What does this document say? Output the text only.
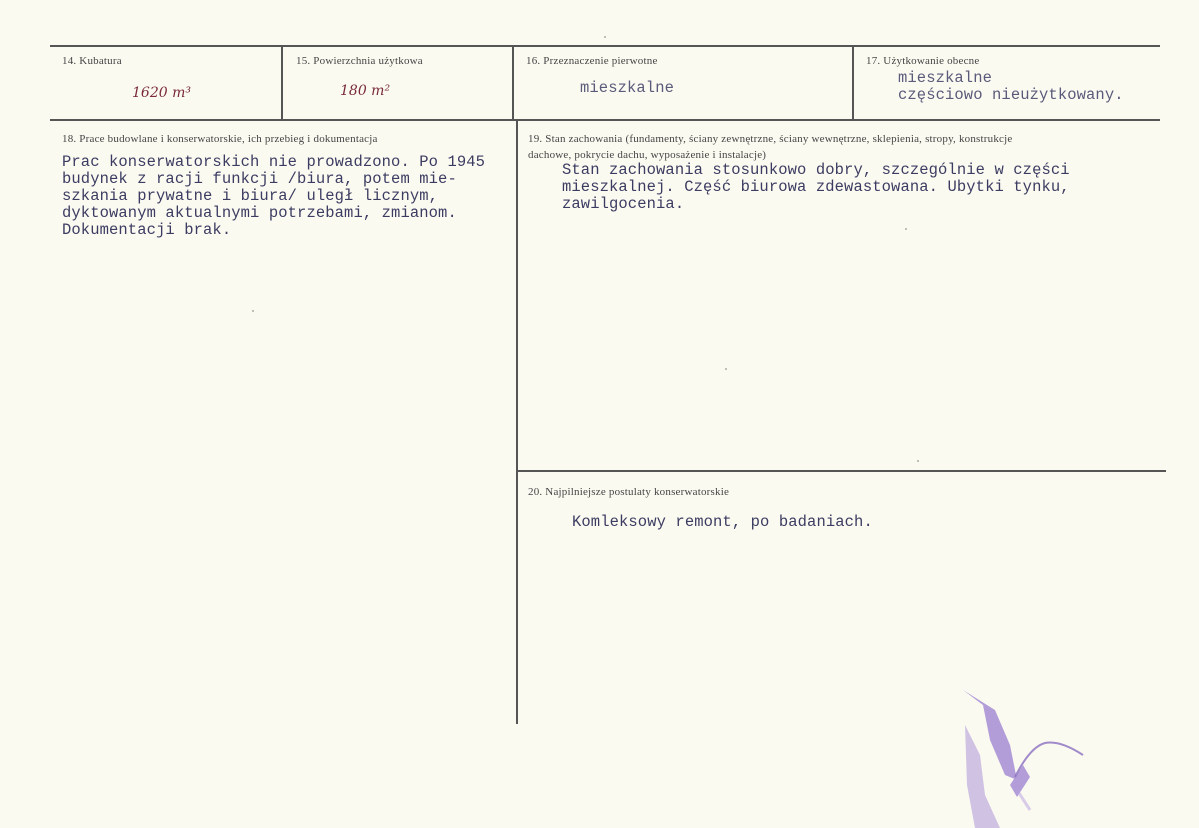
14. Kubatura
1620 m³
15. Powierzchnia użytkowa
180 m²
16. Przeznaczenie pierwotne
mieszkalne
17. Użytkowanie obecne
mieszkalne
częściowo nieużytkowany.
18. Prace budowlane i konserwatorskie, ich przebieg i dokumentacja
Prac konserwatorskich nie prowadzono. Po 1945
budynek z racji funkcji /biura, potem mie-
szkania prywatne i biura/ uległ licznym,
dyktowanym aktualnymi potrzebami, zmianom.
Dokumentacji brak.
19. Stan zachowania (fundamenty, ściany zewnętrzne, ściany wewnętrzne, sklepienia, stropy, konstrukcje
dachowe, pokrycie dachu, wyposażenie i instalacje)
Stan zachowania stosunkowo dobry, szczególnie w części
mieszkalnej. Część biurowa zdewastowana. Ubytki tynku,
zawilgocenia.
20. Najpilniejsze postulaty konserwatorskie
Komleksowy remont, po badaniach.
